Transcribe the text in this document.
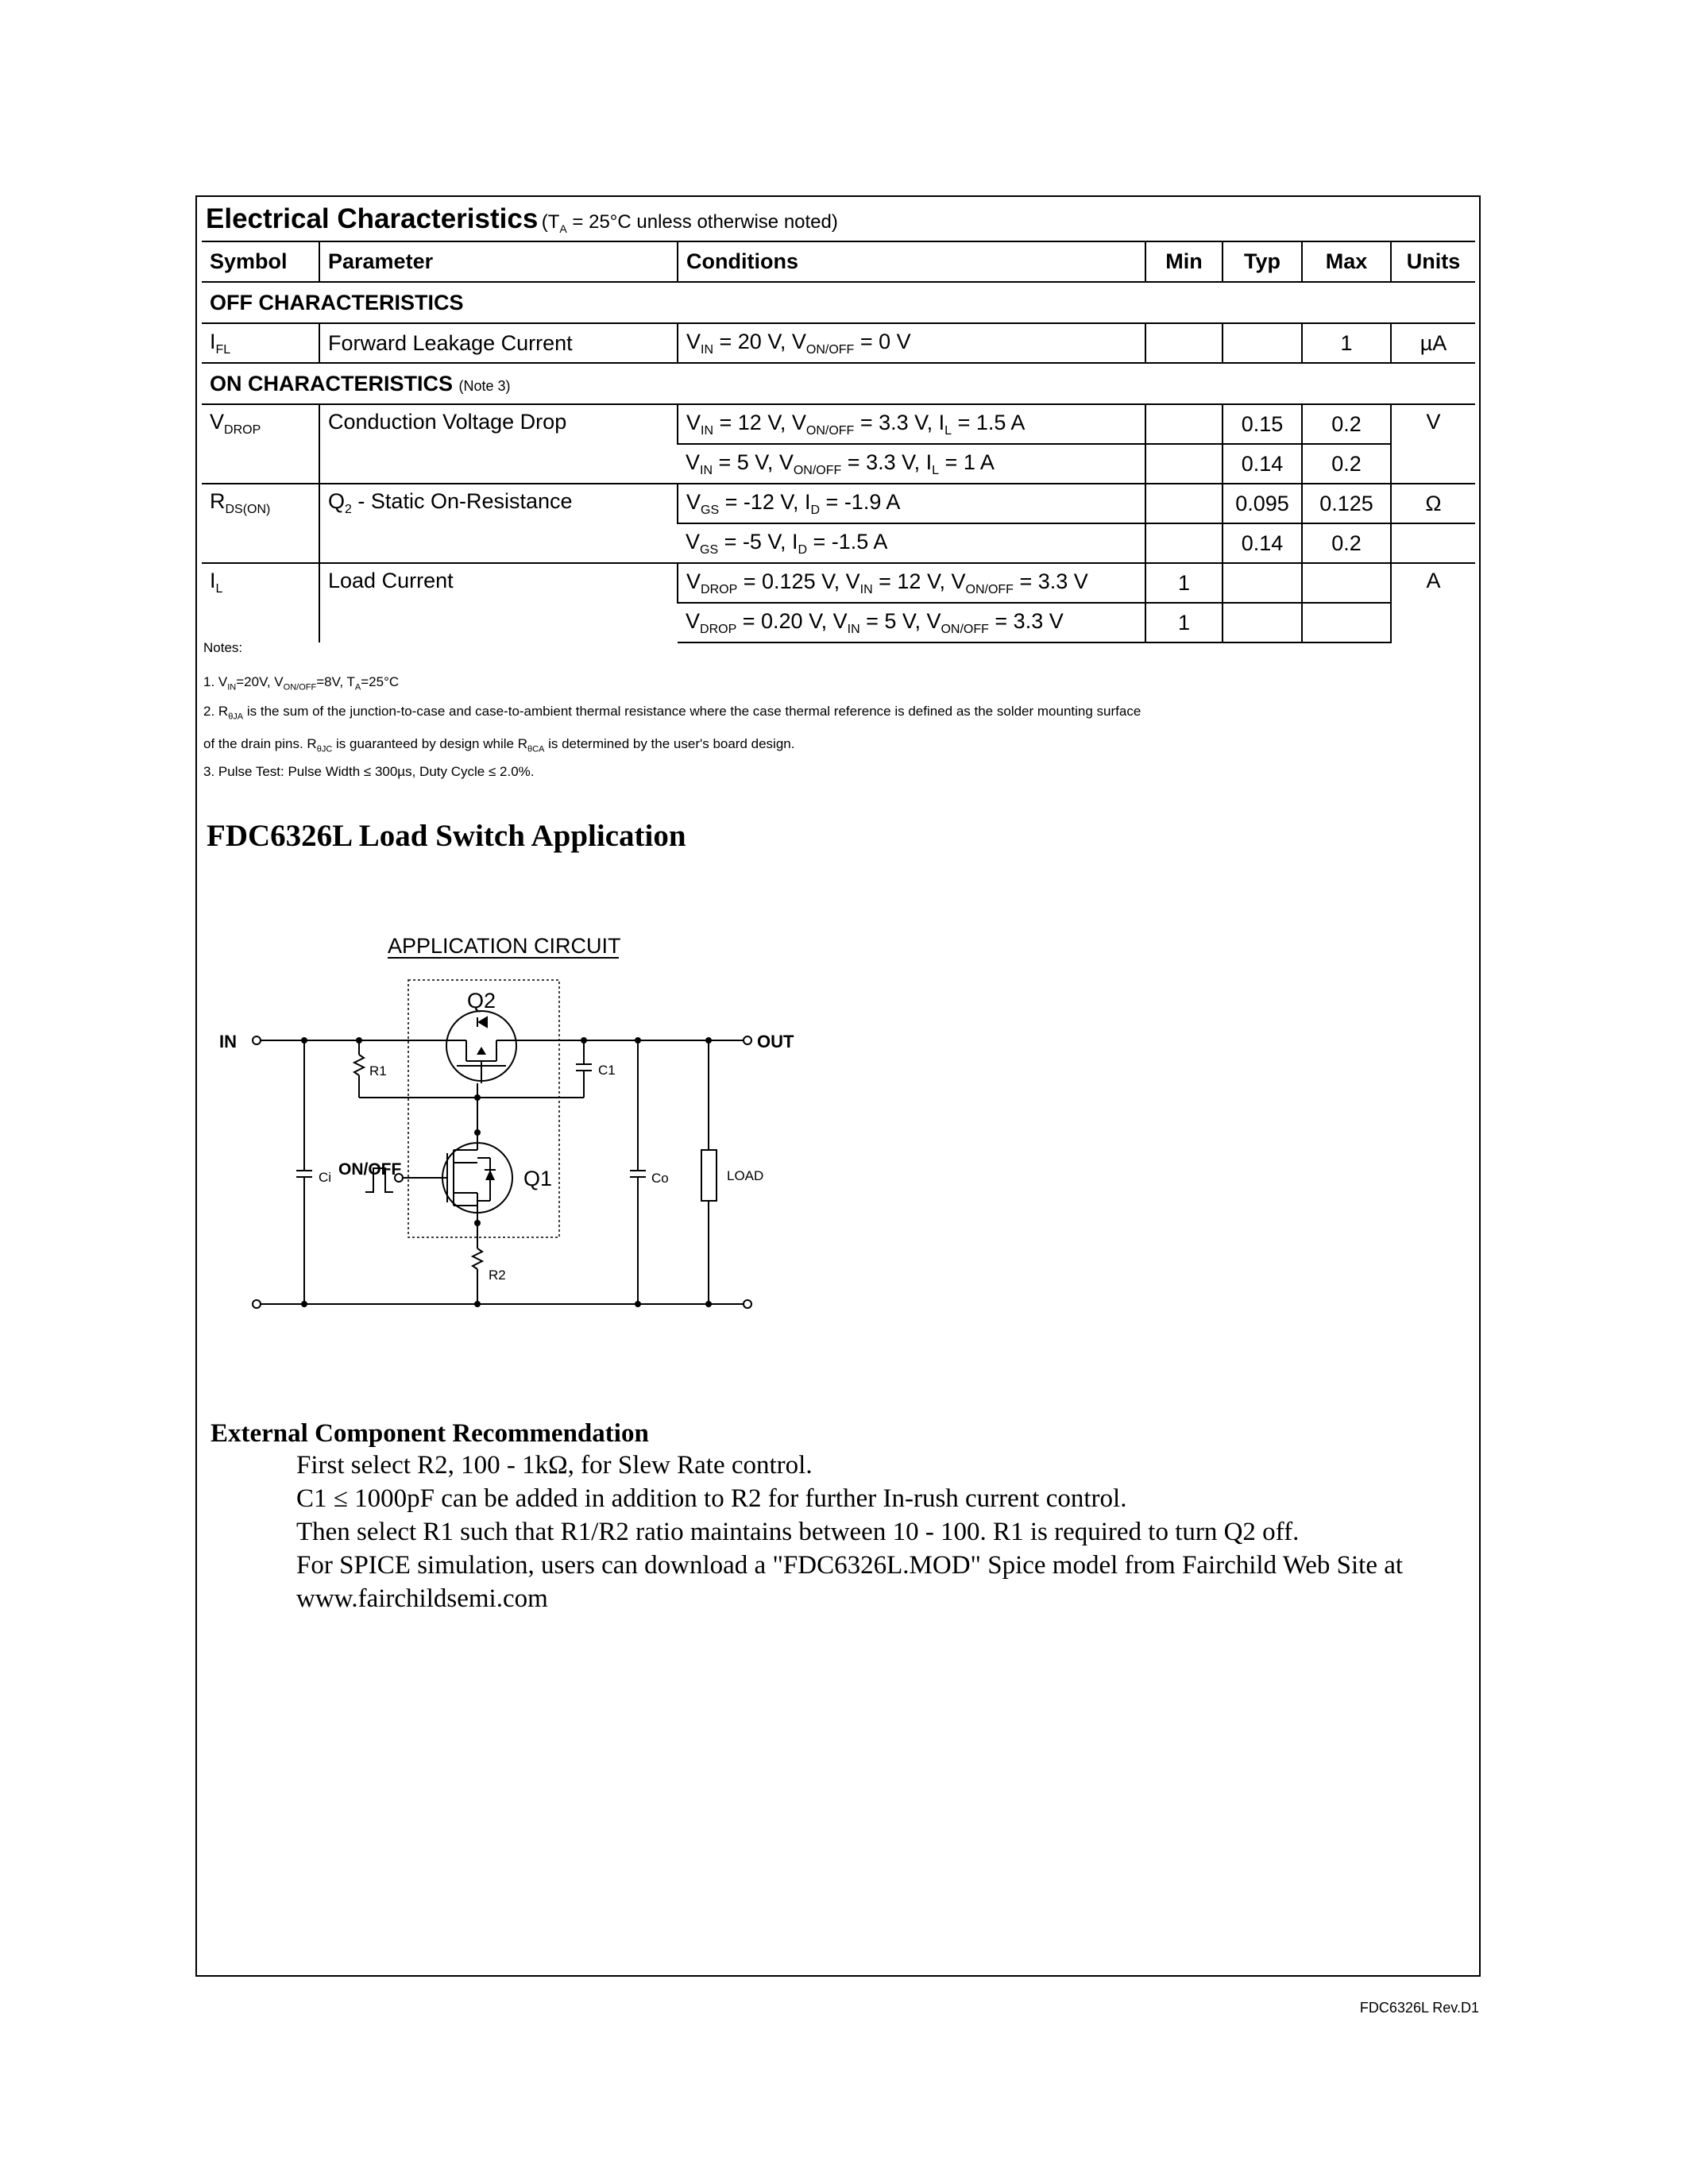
Electrical Characteristics ($T_A = 25^\circ C$ unless otherwise noted)
Symbol	Parameter	Conditions	Min	Typ	Max	Units
OFF CHARACTERISTICS						
$I_{FL}$	Forward Leakage Current	$V_{IN} = 20$ V, $V_{ON/OFF} = 0$ V			1	µA
ON CHARACTERISTICS (Note 3)						
$V_{DROP}$	Conduction Voltage Drop	$V_{IN} = 12$ V, $V_{ON/OFF} = 3.3$ V, $I_L = 1.5$ A		0.15	0.2	V
		$V_{IN} = 5$ V, $V_{ON/OFF} = 3.3$ V, $I_L = 1$ A		0.14	0.2	
$R_{DS(ON)}$	$Q_2$ - Static On-Resistance	$V_{GS} = -12$ V, $I_D = -1.9$ A		0.095	0.125	Ω
		$V_{GS} = -5$ V, $I_D = -1.5$ A		0.14	0.2	
$I_L$	Load Current	$V_{DROP} = 0.125$ V, $V_{IN} = 12$ V, $V_{ON/OFF} = 3.3$ V	1			A
		$V_{DROP} = 0.20$ V, $V_{IN} = 5$ V, $V_{ON/OFF} = 3.3$ V	1			
Notes:
1. $V_{IN}=20V$, $V_{ON/OFF}=8V$, $T_A=25^\circ C$
2. $R_{\theta JA}$ is the sum of the junction-to-case and case-to-ambient thermal resistance where the case thermal reference is defined as the solder mounting surface
of the drain pins. $R_{\theta JC}$ is guaranteed by design while $R_{\theta CA}$ is determined by the user's board design.
3. Pulse Test: Pulse Width ≤ 300µs, Duty Cycle ≤ 2.0%.
FDC6326L Load Switch Application
APPLICATION CIRCUIT
IN	OUT
Q2
R1	C1
Q1
ON/OFF
R2
Ci	Co	LOAD
External Component Recommendation
First select R2, 100 - 1kΩ, for Slew Rate control.
C1 ≤ 1000pF can be added in addition to R2 for further In-rush current control.
Then select R1 such that R1/R2 ratio maintains between 10 - 100. R1 is required to turn Q2 off.
For SPICE simulation, users can download a "FDC6326L.MOD" Spice model from Fairchild Web Site at
www.fairchildsemi.com
FDC6326L Rev.D1
